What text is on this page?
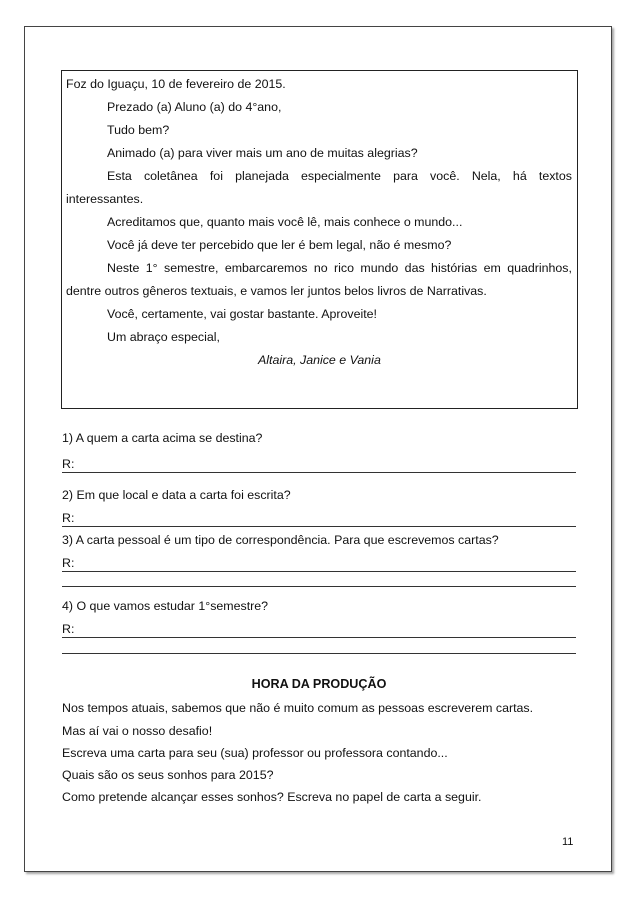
Foz do Iguaçu, 10 de fevereiro de 2015.
Prezado (a) Aluno (a) do 4°ano,
Tudo bem?
Animado (a) para viver mais um ano de muitas alegrias?
Esta coletânea foi planejada especialmente para você. Nela, há textos
interessantes.
Acreditamos que, quanto mais você lê, mais conhece o mundo...
Você já deve ter percebido que ler é bem legal, não é mesmo?
Neste 1° semestre, embarcaremos no rico mundo das histórias em quadrinhos,
dentre outros gêneros textuais, e vamos ler juntos belos livros de Narrativas.
Você, certamente, vai gostar bastante. Aproveite!
Um abraço especial,
Altaira, Janice e Vania
1) A quem a carta acima se destina?
R:
2) Em que local e data a carta foi escrita?
R:
3) A carta pessoal é um tipo de correspondência. Para que escrevemos cartas?
R:
4) O que vamos estudar 1°semestre?
R:
HORA DA PRODUÇÃO
Nos tempos atuais, sabemos que não é muito comum as pessoas escreverem cartas.
Mas aí vai o nosso desafio!
Escreva uma carta para seu (sua) professor ou professora contando...
Quais são os seus sonhos para 2015?
Como pretende alcançar esses sonhos? Escreva no papel de carta a seguir.
11
